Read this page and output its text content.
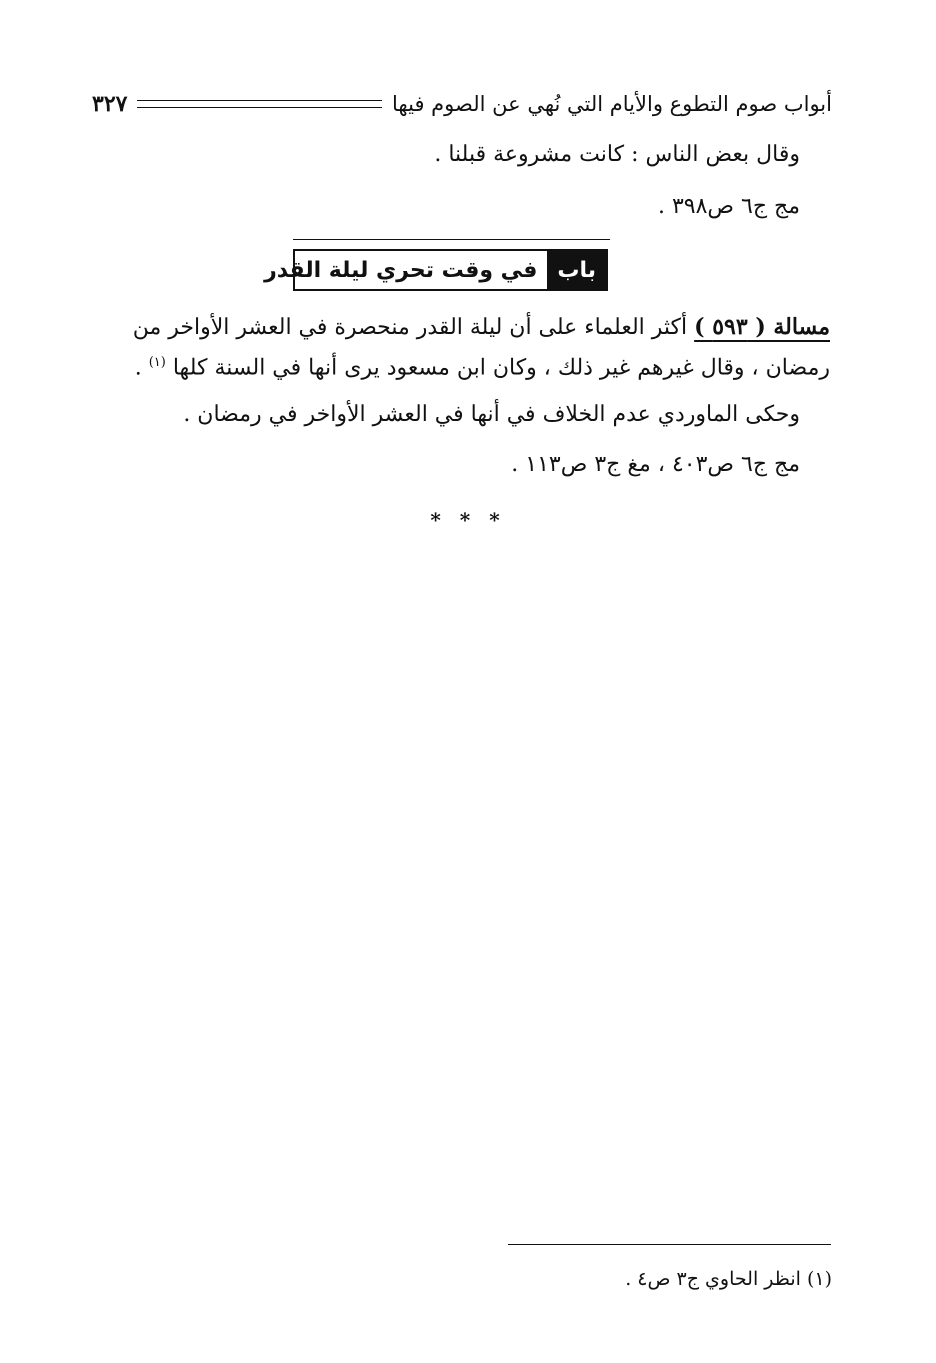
أبواب صوم التطوع والأيام التي نُهي عن الصوم فيها
٣٢٧
وقال بعض الناس : كانت مشروعة قبلنا .
مج ج٦ ص٣٩٨ .
باب
في وقت تحري ليلة القدر
مسالة ( ٥٩٣ ) أكثر العلماء على أن ليلة القدر منحصرة في العشر الأواخر من
رمضان ، وقال غيرهم غير ذلك ، وكان ابن مسعود يرى أنها في السنة كلها $^{(١)}$ .
وحكى الماوردي عدم الخلاف في أنها في العشر الأواخر في رمضان .
مج ج٦ ص٤٠٣ ، مغ ج٣ ص١١٣ .
* * *
(١) انظر الحاوي ج٣ ص٤ .
